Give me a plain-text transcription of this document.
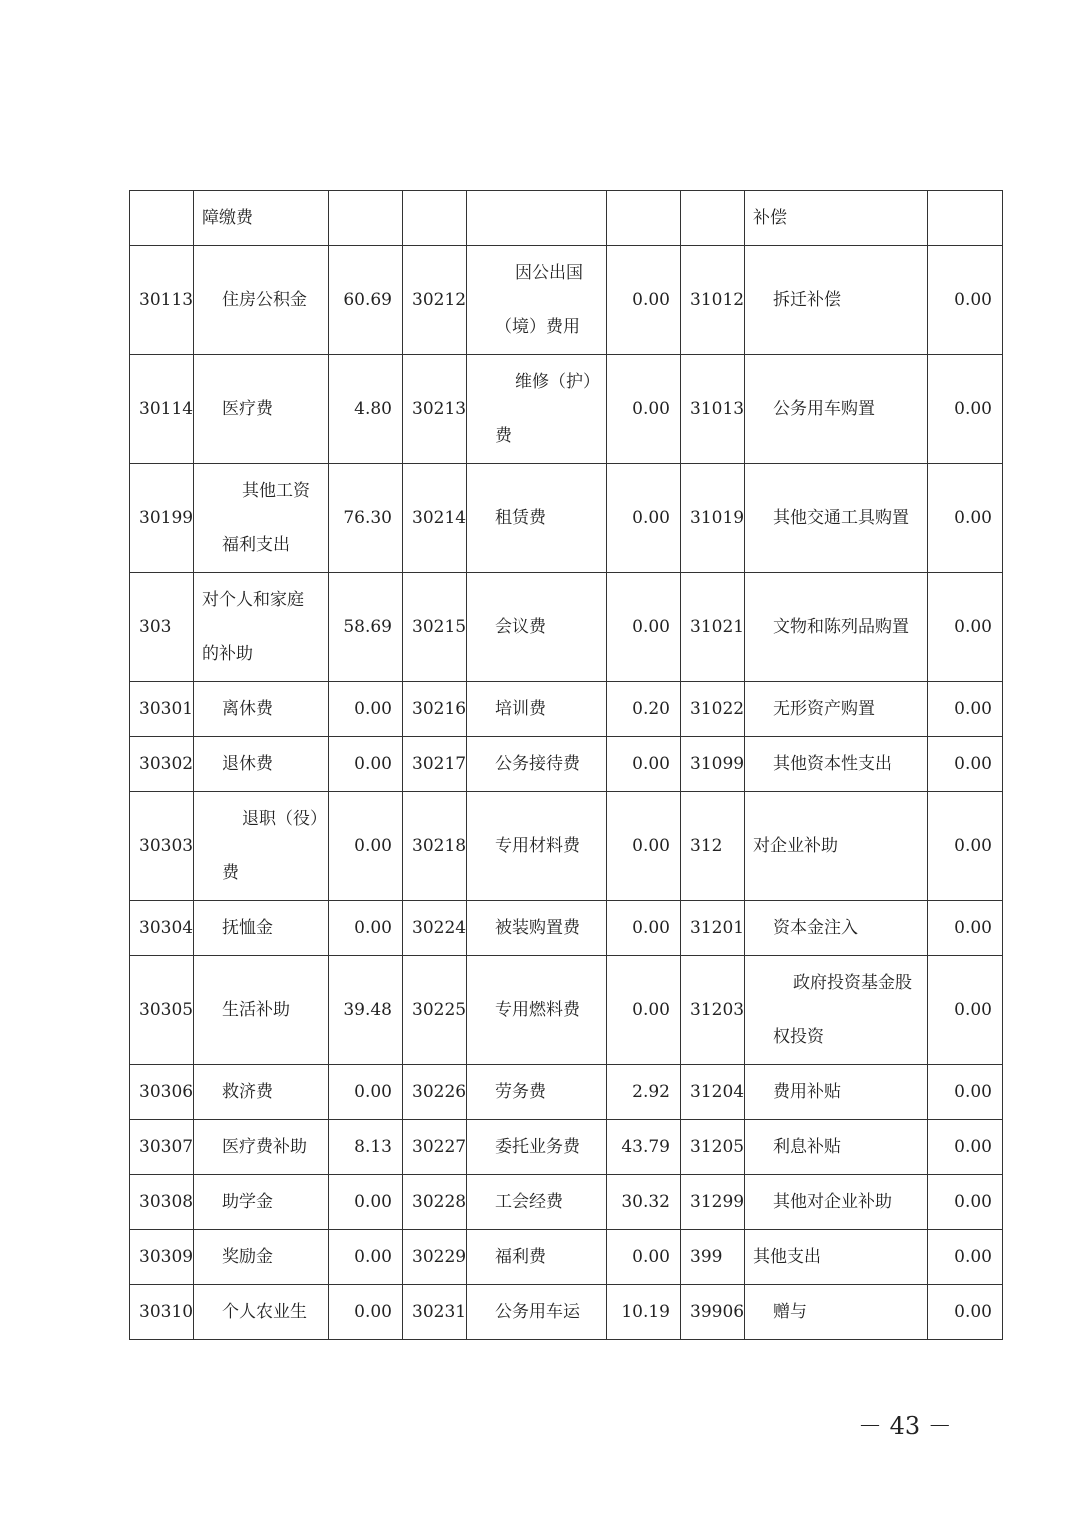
	障缴费						补偿	
30113	住房公积金	60.69	30212	因公出国（境）费用	0.00	31012	拆迁补偿	0.00
30114	医疗费	4.80	30213	维修（护）费	0.00	31013	公务用车购置	0.00
30199	其他工资福利支出	76.30	30214	租赁费	0.00	31019	其他交通工具购置	0.00
303	对个人和家庭的补助	58.69	30215	会议费	0.00	31021	文物和陈列品购置	0.00
30301	离休费	0.00	30216	培训费	0.20	31022	无形资产购置	0.00
30302	退休费	0.00	30217	公务接待费	0.00	31099	其他资本性支出	0.00
30303	退职（役）费	0.00	30218	专用材料费	0.00	312	对企业补助	0.00
30304	抚恤金	0.00	30224	被装购置费	0.00	31201	资本金注入	0.00
30305	生活补助	39.48	30225	专用燃料费	0.00	31203	政府投资基金股权投资	0.00
30306	救济费	0.00	30226	劳务费	2.92	31204	费用补贴	0.00
30307	医疗费补助	8.13	30227	委托业务费	43.79	31205	利息补贴	0.00
30308	助学金	0.00	30228	工会经费	30.32	31299	其他对企业补助	0.00
30309	奖励金	0.00	30229	福利费	0.00	399	其他支出	0.00
30310	个人农业生	0.00	30231	公务用车运	10.19	39906	赠与	0.00
－ 43 －
